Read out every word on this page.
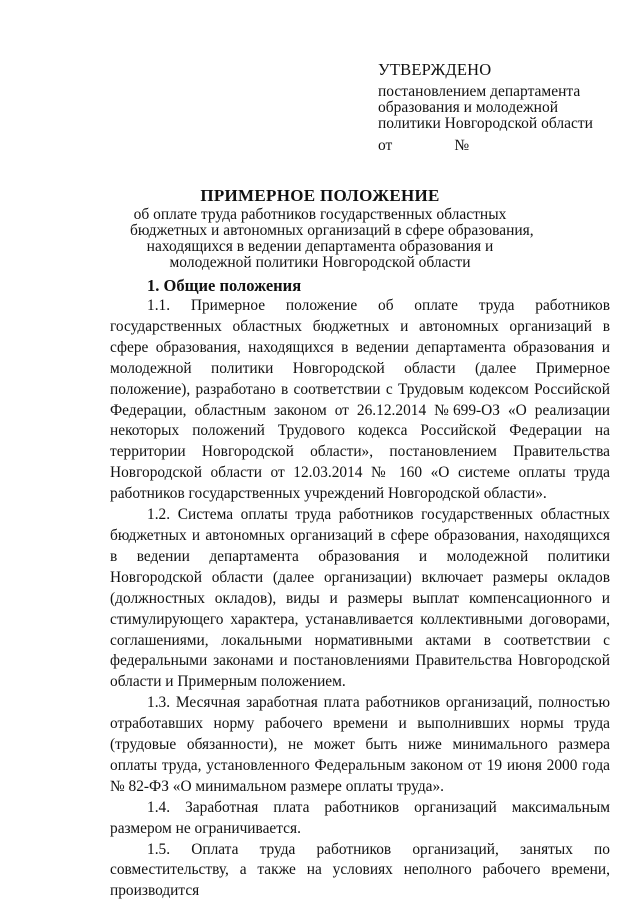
УТВЕРЖДЕНО
постановлением департамента
образования и молодежной
политики Новгородской области
от	№
ПРИМЕРНОЕ ПОЛОЖЕНИЕ
об оплате труда работников государственных областных
бюджетных и автономных организаций в сфере образования,
находящихся в ведении департамента образования и
молодежной политики Новгородской области
1. Общие положения

1.1. Примерное положение об оплате труда работников государственных областных бюджетных и автономных организаций в сфере образования, находящихся в ведении департамента образования и молодежной политики Новгородской области (далее Примерное положение), разработано в соответствии с Трудовым кодексом Российской Федерации, областным законом от 26.12.2014 №699-ОЗ «О реализации некоторых положений Трудового кодекса Российской Федерации на территории Новгородской области», постановлением Правительства Новгородской области от 12.03.2014 № 160 «О системе оплаты труда работников государственных учреждений Новгородской области».

1.2. Система оплаты труда работников государственных областных бюджетных и автономных организаций в сфере образования, находящихся в ведении департамента образования и молодежной политики Новгородской области (далее организации) включает размеры окладов (должностных окладов), виды и размеры выплат компенсационного и стимулирующего характера, устанавливается коллективными договорами, соглашениями, локальными нормативными актами в соответствии с федеральными законами и постановлениями Правительства Новгородской области и Примерным положением.

1.3. Месячная заработная плата работников организаций, полностью отработавших норму рабочего времени и выполнивших нормы труда (трудовые обязанности), не может быть ниже минимального размера оплаты труда, установленного Федеральным законом от 19 июня 2000 года № 82-ФЗ «О минимальном размере оплаты труда».

1.4. Заработная плата работников организаций максимальным размером не ограничивается.

1.5. Оплата труда работников организаций, занятых по совместительству, а также на условиях неполного рабочего времени, производится
